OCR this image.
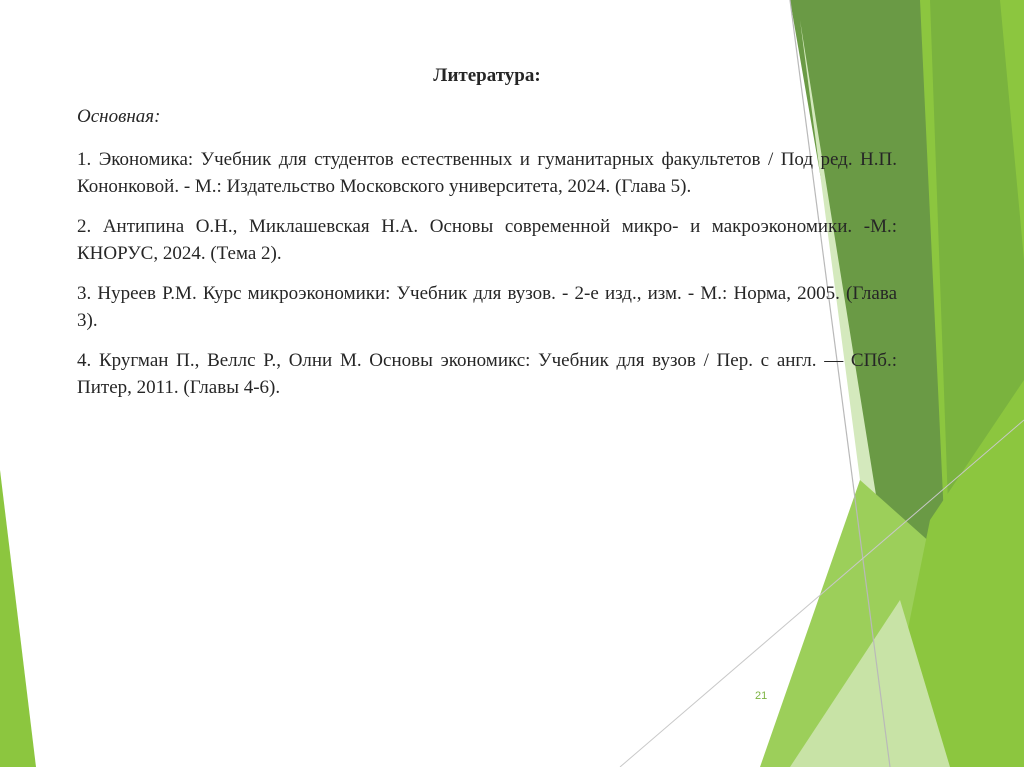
Литература:
Основная:
1. Экономика: Учебник для студентов естественных и гуманитарных факультетов / Под ред. Н.П. Кононковой. - М.: Издательство Московского университета, 2024. (Глава 5).
2. Антипина О.Н., Миклашевская Н.А. Основы современной микро- и макроэкономики. -М.: КНОРУС, 2024. (Тема 2).
3. Нуреев Р.М. Курс микроэкономики: Учебник для вузов. - 2-е изд., изм. - М.: Норма, 2005. (Глава 3).
4. Кругман П., Веллс Р., Олни М. Основы экономикс: Учебник для вузов / Пер. с англ. — СПб.: Питер, 2011. (Главы 4-6).
21
